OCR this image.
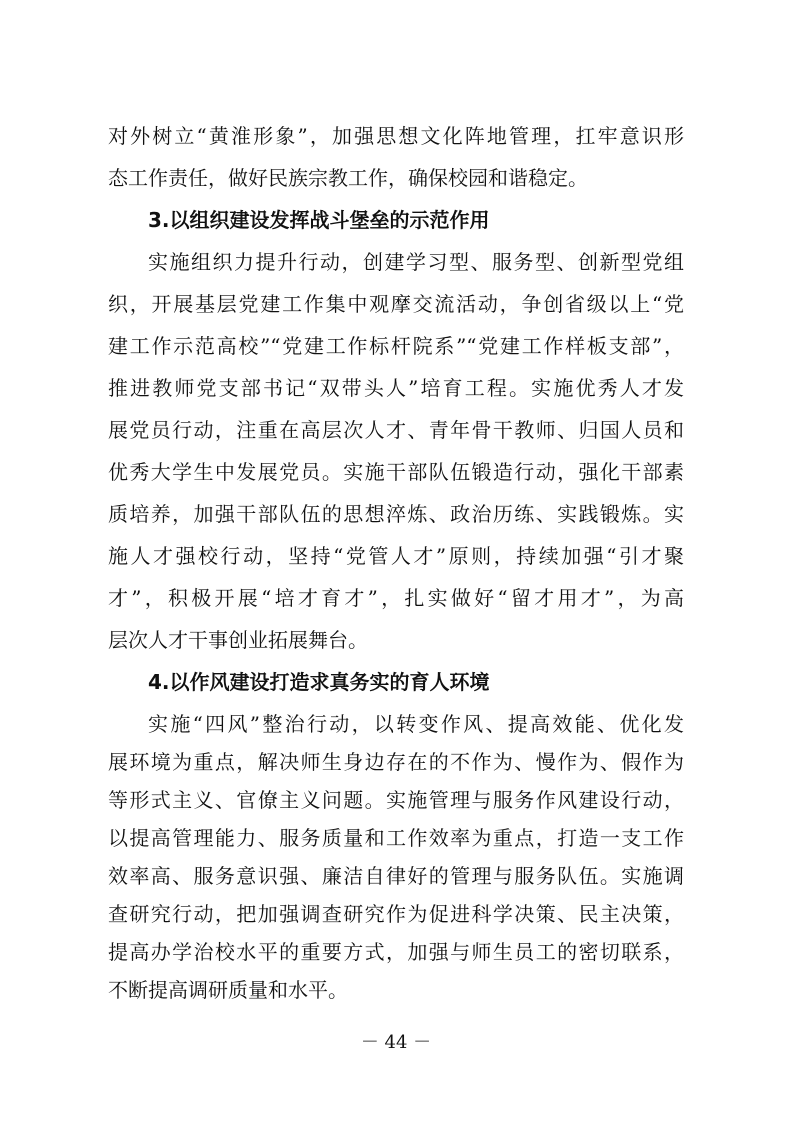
对外树立“黄淮形象”，加强思想文化阵地管理，扛牢意识形
态工作责任，做好民族宗教工作，确保校园和谐稳定。
3.以组织建设发挥战斗堡垒的示范作用
实施组织力提升行动，创建学习型、服务型、创新型党组
织，开展基层党建工作集中观摩交流活动，争创省级以上“党
建工作示范高校”“党建工作标杆院系”“党建工作样板支部”，
推进教师党支部书记“双带头人”培育工程。实施优秀人才发
展党员行动，注重在高层次人才、青年骨干教师、归国人员和
优秀大学生中发展党员。实施干部队伍锻造行动，强化干部素
质培养，加强干部队伍的思想淬炼、政治历练、实践锻炼。实
施人才强校行动，坚持“党管人才”原则，持续加强“引才聚
才”，积极开展“培才育才”，扎实做好“留才用才”，为高
层次人才干事创业拓展舞台。
4.以作风建设打造求真务实的育人环境
实施“四风”整治行动，以转变作风、提高效能、优化发
展环境为重点，解决师生身边存在的不作为、慢作为、假作为
等形式主义、官僚主义问题。实施管理与服务作风建设行动，
以提高管理能力、服务质量和工作效率为重点，打造一支工作
效率高、服务意识强、廉洁自律好的管理与服务队伍。实施调
查研究行动，把加强调查研究作为促进科学决策、民主决策，
提高办学治校水平的重要方式，加强与师生员工的密切联系，
不断提高调研质量和水平。
－ 44 －
